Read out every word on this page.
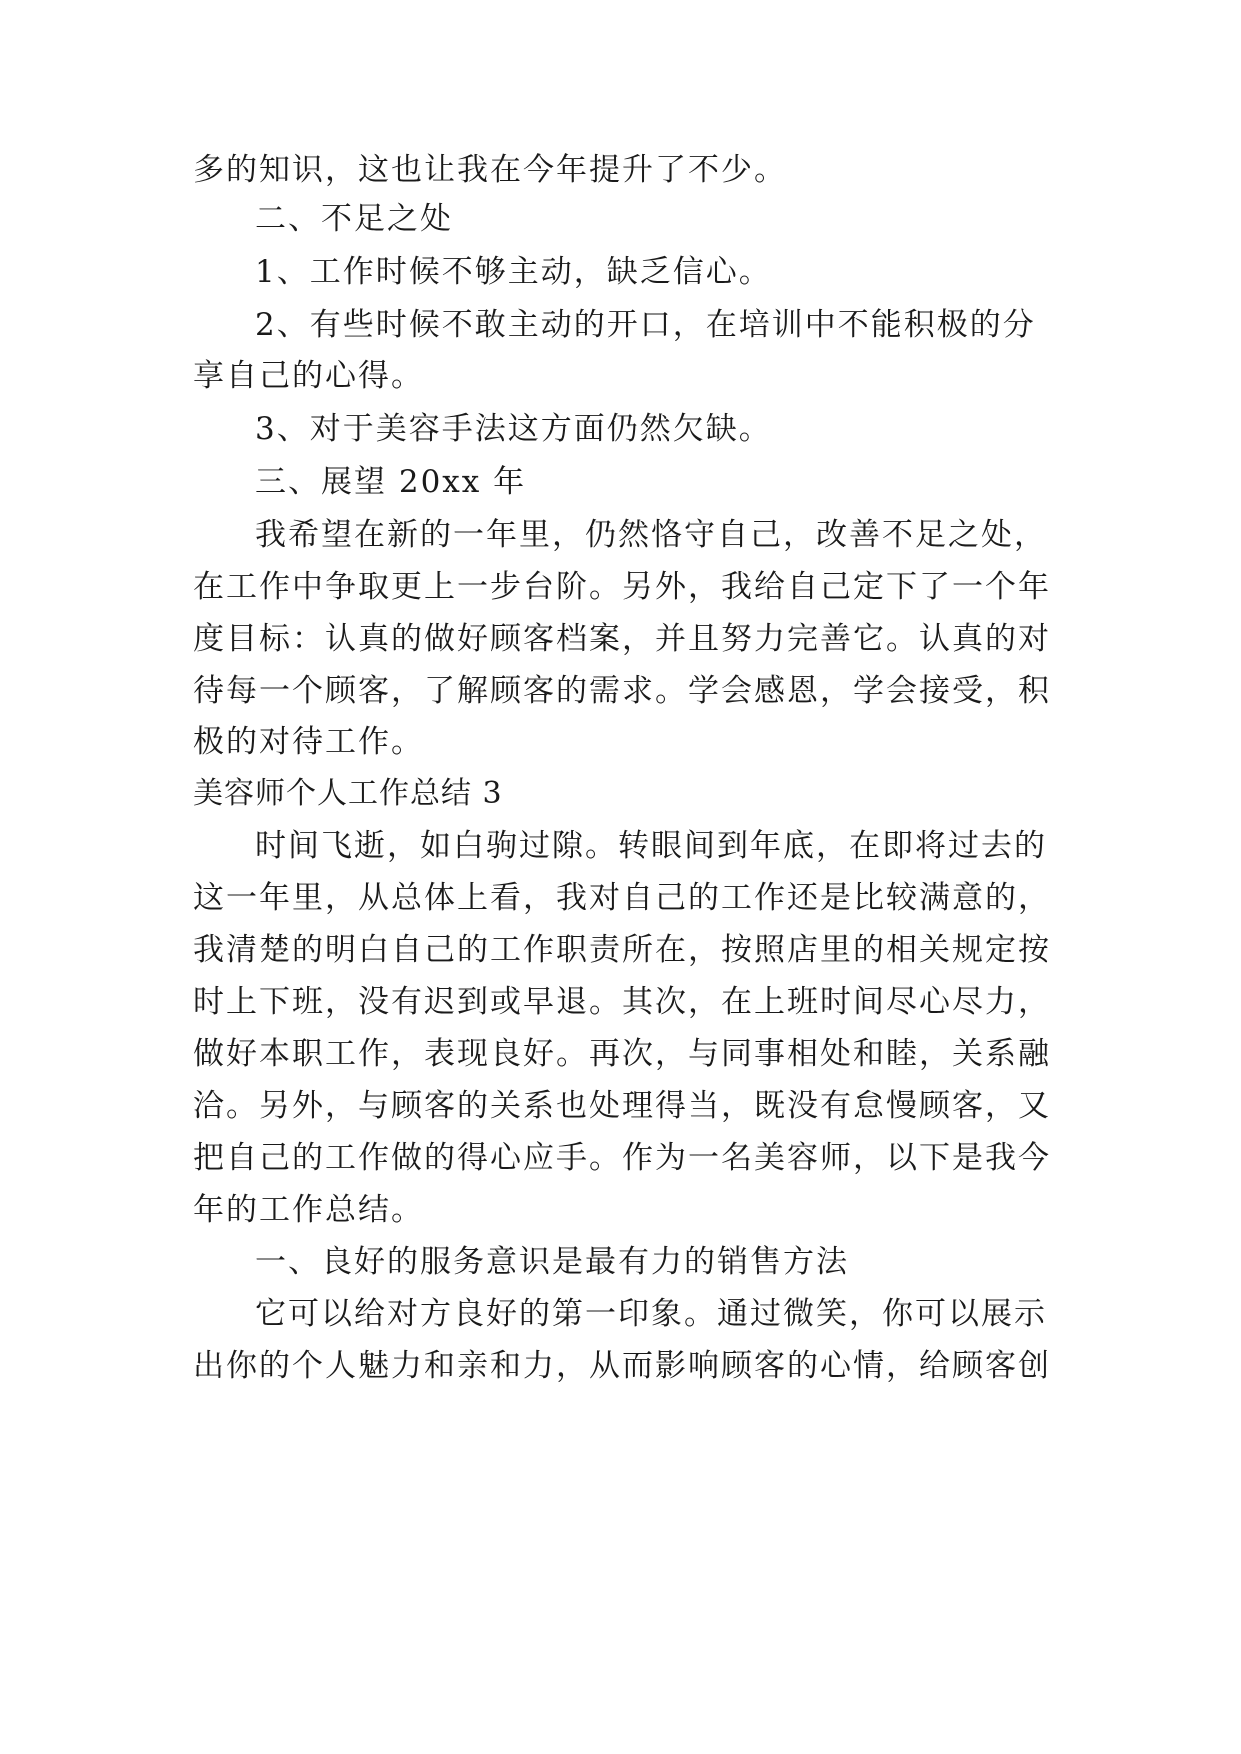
多的知识，这也让我在今年提升了不少。
二、不足之处
1、工作时候不够主动，缺乏信心。
2、有些时候不敢主动的开口，在培训中不能积极的分
享自己的心得。
3、对于美容手法这方面仍然欠缺。
三、展望 20xx 年
我希望在新的一年里，仍然恪守自己，改善不足之处，
在工作中争取更上一步台阶。另外，我给自己定下了一个年
度目标：认真的做好顾客档案，并且努力完善它。认真的对
待每一个顾客，了解顾客的需求。学会感恩，学会接受，积
极的对待工作。
美容师个人工作总结 3
时间飞逝，如白驹过隙。转眼间到年底，在即将过去的
这一年里，从总体上看，我对自己的工作还是比较满意的，
我清楚的明白自己的工作职责所在，按照店里的相关规定按
时上下班，没有迟到或早退。其次，在上班时间尽心尽力，
做好本职工作，表现良好。再次，与同事相处和睦，关系融
洽。另外，与顾客的关系也处理得当，既没有怠慢顾客，又
把自己的工作做的得心应手。作为一名美容师，以下是我今
年的工作总结。
一、良好的服务意识是最有力的销售方法
它可以给对方良好的第一印象。通过微笑，你可以展示
出你的个人魅力和亲和力，从而影响顾客的心情，给顾客创
